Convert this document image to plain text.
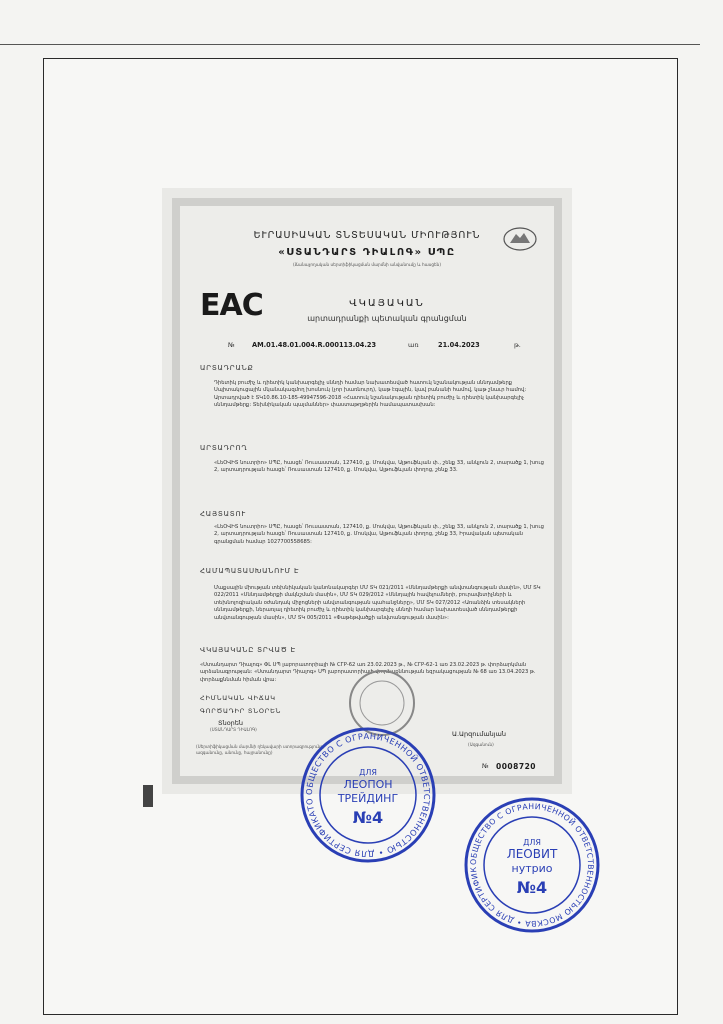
ԵՒՐԱՍԻԱԿԱՆ ՏՆՏԵՍԱԿԱՆ ՄԻՈՒԹՅՈՒՆ
«ՍՏԱՆԴԱՐՏ ԴԻԱԼՈԳ» ՍՊԸ
(Ճանաչողական սերտիֆիկացման մարմնի անվանումը և հասցեն)
EAC	ՎԿԱՅԱԿԱՆ
արտադրանքի պետական գրանցման
№	AM.01.48.01.004.R.000113.04.23	առ	21.04.2023	թ.
ԱՐՏԱԴՐԱՆՔ
Դիետիկ բուժիչ և դիետիկ կանխարգելիչ սննդի համար նախատեսված հատուկ նշանակության սննդամթերք Սպիտակուցային մկանակազմող խոսնուկ (չոր խառնուրդ), կաթ էգային, կավ բանանի համով, կաթ շնաւր համով: Արտադրված է ՏԿ10.86.10-185-49947596-2018 «Հատուկ նշանակության դիետիկ բուժիչ և դիետիկ կանխարգելիչ սննդամթերք: Տեխնիկական պայմաններ» փաստաթղթերին համապատասխան:
ԱՐՏԱԴՐՈՂ
«ԼեՕՎԻՏ նուտրիո» ՍՊԸ, հասցե՝ Ռուսաստան, 127410, ք. Մոսկվա, Ալթուֆևյան փ., շենք 33, անկյուն 2, տարածք 1, խուց 2, արտադրության հասցե՝ Ռուսաստան 127410, ք. Մոսկվա, Ալթուֆևյան փողոց, շենք 33.
ՀԱՅՏԱՏՈՒ
«ԼեՕՎԻՏ նուտրիո» ՍՊԸ, հասցե՝ Ռուսաստան, 127410, ք. Մոսկվա, Ալթուֆևյան փ., շենք 33, անկյուն 2, տարածք 1, խուց 2, արտադրության հասցե՝ Ռուսաստան 127410, ք. Մոսկվա, Ալթուֆևյան փողոց, շենք 33, Իրավական պետական գրանցման համար 1027700558685:
ՀԱՄԱՊԱՏԱՍԽԱՆՈՒՄ Է
Մաքսային միության տեխնիկական կանոնակարգեր ՄՄ ՏԿ 021/2011 «Սննդամթերքի անվտանգության մասին», ՄՄ ՏԿ 022/2011 «Սննդամթերքի մակնշման մասին», ՄՄ ՏԿ 029/2012 «Սննդային հավելումների, բուրավետիչների և տեխնոլոգիական օժանդակ միջոցների անվտանգության պահանջները», ՄՄ ՏԿ 027/2012 «Առանձին տեսակների սննդամթերքի, ներառյալ դիետիկ բուժիչ և դիետիկ կանխարգելիչ սննդի համար նախատեսված սննդամթերքի անվտանգության մասին», ՄՄ ՏԿ 005/2011 «Փաթեթվածքի անվտանգության մասին»:
ՎԿԱՅԱԿԱՆԸ ՏՐՎԱԾ Է
«Ստանդարտ Դիալոգ» ՓԼ ՍՊ լաբորատորիայի № СГР-62 առ 23.02.2023 թ., № СГР-62-1 առ 23.02.2023 թ. փորձարկման արձանագրության: «Ստանդարտ Դիալոգ» ՍՊ լաբորատորիայի փորձաքննության եզրակացության № 68 առ 13.04.2023 թ. փորձաքննման հիման վրա:
ՀԻՄՆԱԿԱՆ ՎԻՃԱԿ
ԳՈՐԾԱԴԻՐ ՏՆՕՐԵՆ
Տնօրեն
(ՍՏԱՆԴԱՐՏ ԴԻԱԼՈԳ)
Ա.Արզումանյան
(Ազգանուն)
(Սերտիֆիկացման մարմնի ղեկավարի ստորագրությունը, ազգանունը, անունը, հայրանունը)
№ 0008720
ОБЩЕСТВО С ОГРАНИЧЕННОЙ ОТВЕТСТВЕННОСТЬЮ • ДЛЯ СЕРТИФИКАТО
ДЛЯ
ЛЕОПОН
ТРЕЙДИНГ
№4
ОБЩЕСТВО С ОГРАНИЧЕННОЙ ОТВЕТСТВЕННОСТЬЮ МОСКВА • ДЛЯ СЕРТИФИК
ДЛЯ
ЛЕОВИТ
нутрио
№4
